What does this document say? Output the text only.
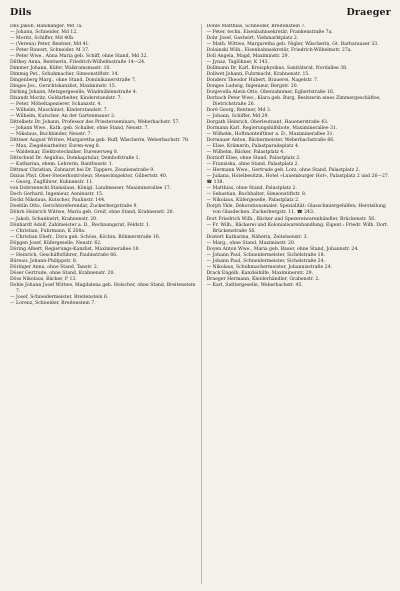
Dils	Draeger
Dils Jakob, Handlanger, Md 7a.
— Johann, Schneider, Md 12.
— Moritz, Schiffer, Md 40b.
— (Verena) Peter, Rentner, Md 41.
— Peter Ruwert, Schneider. M 37.
— Peter Wwe., Anna Maria geb. Schiff, ohne Stand, Md 32.
Dilthey Anna, Rentnerin, Friedrich-Wilhelmstraße 14—24.
Dimmer Johann, Küfer, Walkramsmastr. 10.
Dimmig Pet., Schuhmacher, Simeonstiftstr. 14.
Dingenberg Marg., ohne Stand, Dominikanerstraße 7.
Dinges Jos., Gerichtskanzlist, Maximinstr. 15.
Dirking Johann, Metzgergeselle, Windmühlenstraße 4.
Dixandt Moritz, Goldarbeiter, Kinderstandstr. 7.
— Peter, Möbeltapezierer, Schanzstr. 4.
— Wilhelm, Maschinist, Kinderstandstr. 7.
— Wilhelm, Kutscher, An der Gartenmauer 2.
Dittelbetz Dr. Johann, Professor des Priesterseminars, Weberbachstr. 57.
— Johann Wwe., Kath. geb. Schaller, ohne Stand, Neustr. 7.
— Nikolaus, Buchbinder, Neustr. 7.
Dittmer August Wittwe, Margaretha geb. Ruff, Wäscherin, Weberbachstr. 78.
— Max, Ziegeleiarbeiter, Euren-weg 8.
— Waldemar, Elektrotechniker, Eurenerweg 8.
Dittscheid Dr. Aegidius, Domkapitular, Domhofstraße 1.
— Katharina, ehem. Lehrerin, Bantbusstr. 1.
Dittmar Christian, Zahnarzt bei Dr. Tappers, Zeunienstraße 9.
Dixius Phyl. Ober-Steuerkontroleur, Steuerinspektor, Gilbertstr. 40.
— Georg, Zugführer, Kuhnenstr. 11.
von Dobrzenecki Stanislaus, Königl. Landmesser, Maximinerallee 17.
Doch Gerhard, Ingenieur, Aeninustr. 15.
Dockt Nikolaus, Kutscher, Paulinstr. 144.
Doeblin Otto, Gerichtsreferendar, Zuckerbergstraße 9.
Döhrn Heinrich Wittwe, Maria geb. Greif, ohne Stand, Krahnenstr. 20.
— Jakob, Schankwirt, Krahnenstr. 20.
Dönhardt Adolf, Zahlmeister a. D., Rechnungsrat, Feldstr. 1.
— Christian, Fuhrmann, K 208a.
— Christian Ehefr., Dora geb. Schöss, Köchin, Böhmerstraße 16.
Döpgen Josef, Küfergeselle, Neustr. 62.
Döring Albert, Regierungs-Kanzlist, Maximinerallee 18.
— Heinrich, Geschäftsführer, Paulinstraße 66.
Büreau: Johann-Philippstr. 8.
Döringer Anna, ohne Stand, Tanstr. 2.
Döser Gertrude, ohne Stand, Krahnenstr. 20.
Döss Nikolaus, Bäcker, P 13.
Dohle Johann Josef Wittwe, Magdalena geb. Holscher, ohne Stand, Breitenstein 7.
— Josef, Schneidermeister, Breitenstein 6.
— Lorenz, Schneider, Breitenstein 7.
Dohle Matthias, Schneider, Breitenstein 7.
— Peter, techn. Eisenbahnsekretär, Frankenstraße 7a.
Dohr Josef, Gastwirt, Viehmarktplatz 2.
— Math. Wittwe, Margaretha geb. Nigler, Wäscherin, Gt. Barbarauser 33.
Dolainski Wilh., Eisenbahnsekretär, Friedrich-Wilhelmstr. 27a.
Doll Angela, Magd, Maximinstr. 29.
— Jynaz, Taglöhner, K 143.
Dollmann Dr. Karl, Kreisphysikus, Sanitätsrat, Nordallee 38.
Dollwet Johann, Fuhrmacht, Krahnenstr. 15.
Donders Theodor Hubert, Brauerei, Nagelstr. 7.
Donges Ludwig, Ingenieur, Bergstr. 20.
Donjevolla Alwin Otto, Oberzahnmer, Egbertstraße 16.
Dorbach Peter Wwe., Klara geb. Burg, Besitzerin eines Zimmergeschäftes, Dietrichstraße 26.
Doré Georg, Rentner, Md 3.
— Johann, Schiffer, Md 29.
Dorgath Heinrich, Oberleutnant, Hauenerstraße 43.
Dormann Karl, Regierungshilfsbote, Maximinerallee 31.
— Wilhelm, Hoftmonteiftlner a. D., Maximinerallee 31.
Dormauer Anton, Bäckermeister, Weberbachstraße 66.
— Elise, Krämerin, Palastparadeplatz 4.
— Wilhelm, Bäcker, Palastplatz 4.
Dornoff Elise, ohne Stand, Palastplatz 2.
— Franziska, ohne Stand, Palastplatz 2.
— Hermann Wwe., Gertrude geb. Lorz, ohne Stand, Palastplatz 2.
— Juliana, Hotelbesitzin, Hotel »Luxemburger Hof«, Palastplatz 2 und 26—27.
☎ 138.
— Matthias, ohne Stand, Palastplatz 2.
— Sebastian, Buchhalter, Simeonstiftstr. 8.
— Nikolaus, Küfergeselle, Palastplatz 2.
Dorph Ykle, Dekorationsmaler. Spezialität: Glasschmiergehilfen; Herstellung von Glasdecken. Zuckerbergstr. 11. ☎ 243.
Dort Friedrich Wilh., Bäcker und Spezereiwarenhändler, Brückenstr. 56.
— Fr. Wilh., Bäckerei und Kolonialwarenhandlung. Eigent.: Friedr. Wilh. Dort. Brückenstraße 56.
Dostert Katharina, Näherin, Zeitelsenstr. 3.
— Marg., ohne Stand, Maximinstr. 20.
Doyen Anton Wwe., Maria geb. Bauer, ohne Stand, Johannstr. 24.
— Johann Paul, Schneidermeister, Sichelstraße 18.
— Johann Paul, Schneidermeister, Sichelstraße 24.
— Nikolaus, Schuhmachermeister, Johannisstraße 24.
Drack Engelb, Kanzleihilfe, Maximinerstr. 29.
Draeger Hermann, Kleiderhändler, Grabenstr. 2.
— Karl, Sattlergeselle, Weberbachstr. 45.
